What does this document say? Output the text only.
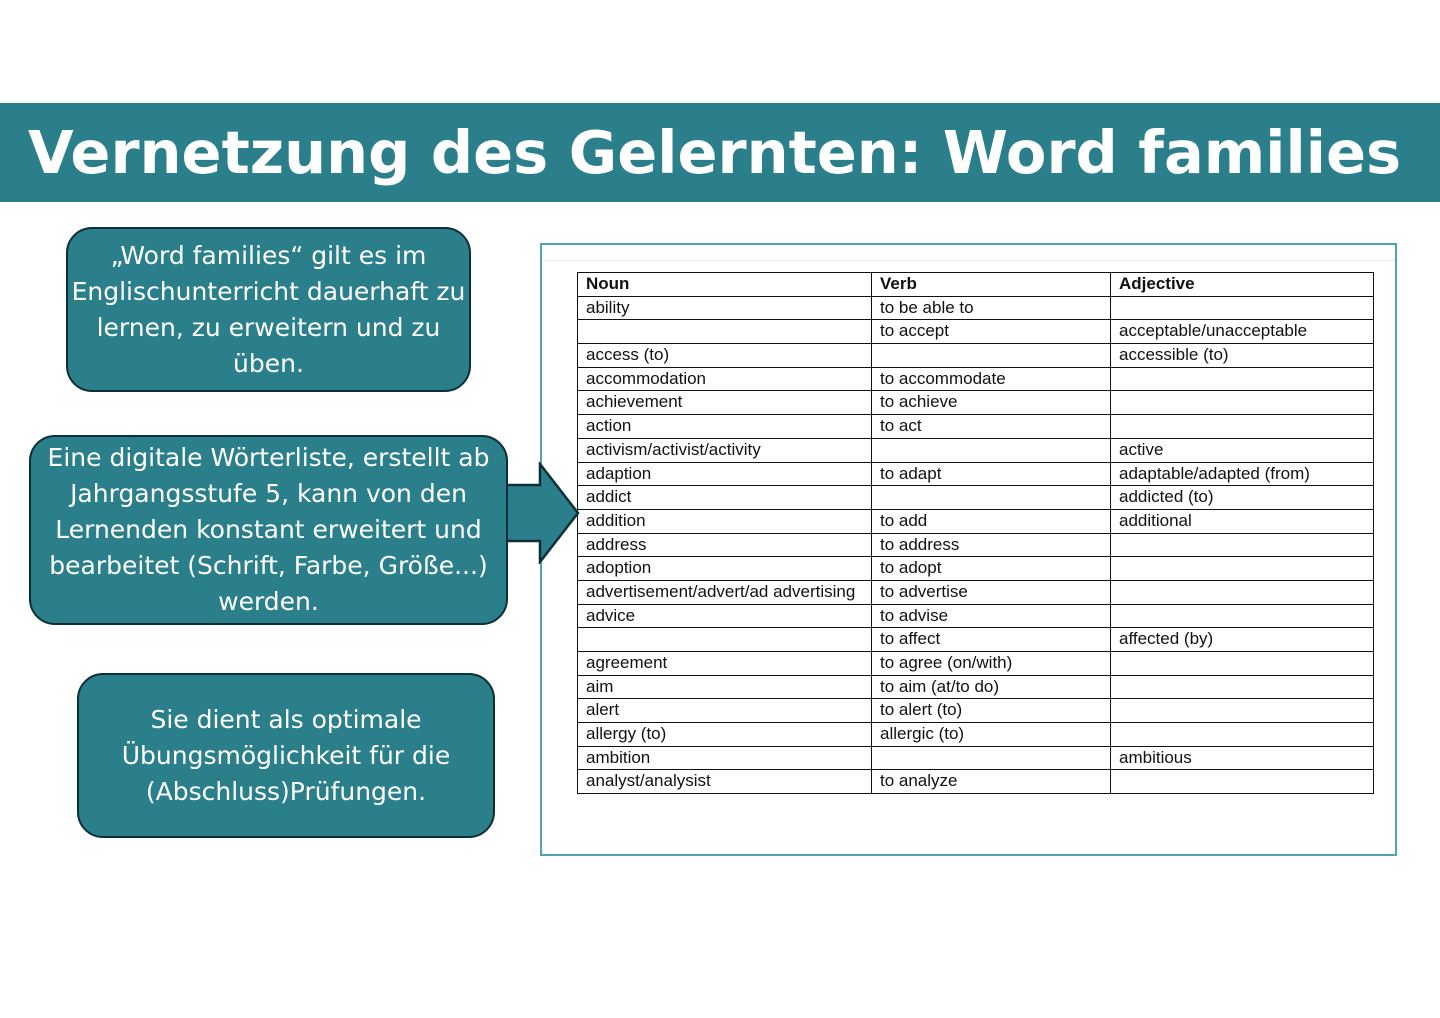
Vernetzung des Gelernten: Word families

„Word families“ gilt es im Englischunterricht dauerhaft zu lernen, zu erweitern und zu üben.

Eine digitale Wörterliste, erstellt ab Jahrgangsstufe 5, kann von den Lernenden konstant erweitert und bearbeitet (Schrift, Farbe, Größe...) werden.

Sie dient als optimale Übungsmöglichkeit für die (Abschluss)Prüfungen.

Noun	Verb	Adjective
ability	to be able to	
	to accept	acceptable/unacceptable
access (to)		accessible (to)
accommodation	to accommodate	
achievement	to achieve	
action	to act	
activism/activist/activity		active
adaption	to adapt	adaptable/adapted (from)
addict		addicted (to)
addition	to add	additional
address	to address	
adoption	to adopt	
advertisement/advert/ad advertising	to advertise	
advice	to advise	
	to affect	affected (by)
agreement	to agree (on/with)	
aim	to aim (at/to do)	
alert	to alert (to)	
allergy (to)	allergic (to)	
ambition		ambitious
analyst/analysist	to analyze	
